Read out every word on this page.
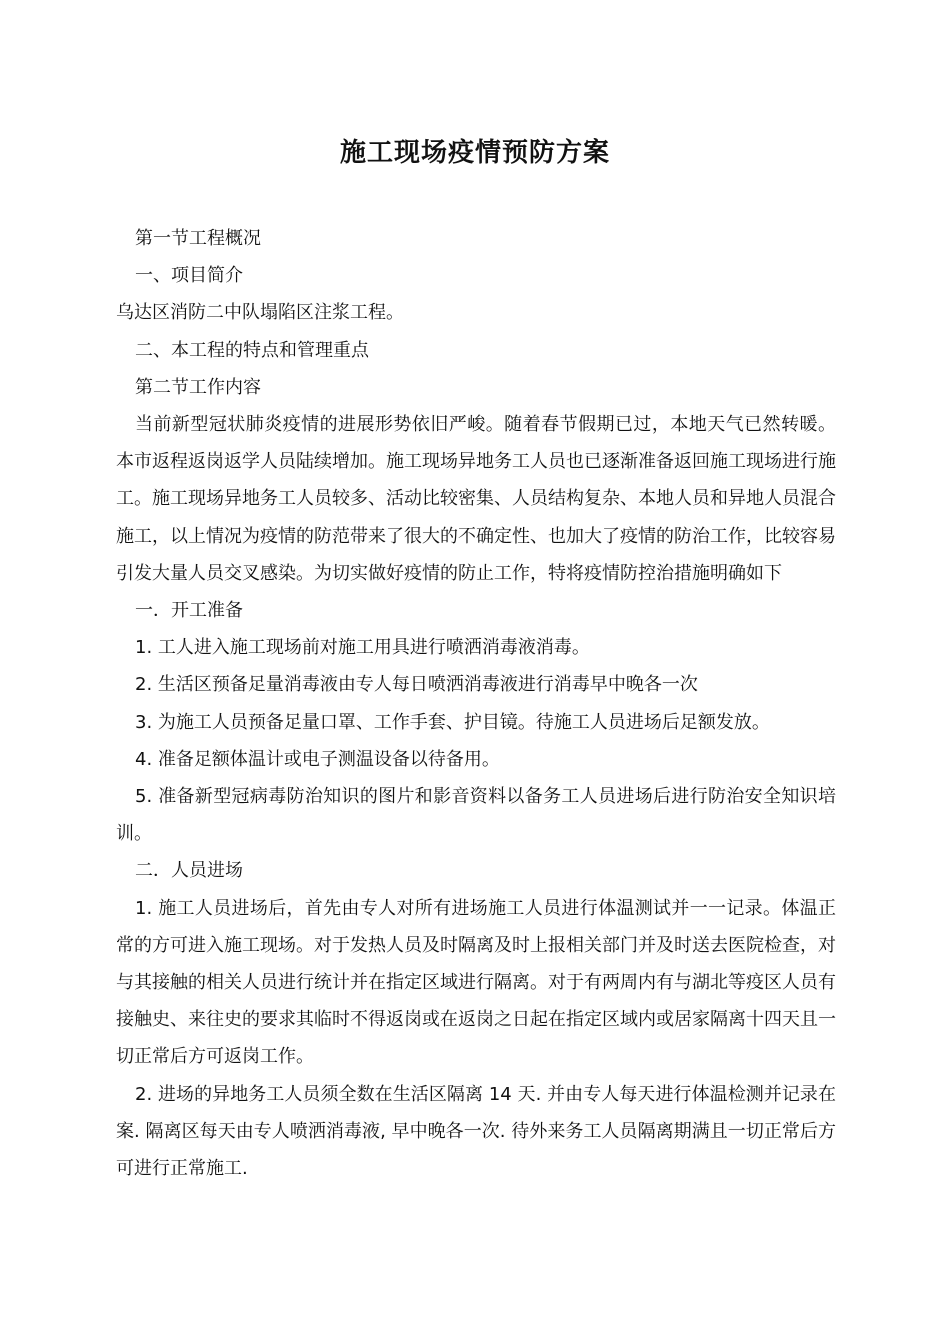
施工现场疫情预防方案

第一节工程概况

一、项目简介

乌达区消防二中队塌陷区注浆工程。

二、本工程的特点和管理重点

第二节工作内容

当前新型冠状肺炎疫情的进展形势依旧严峻。随着春节假期已过，本地天气已然转暖。本市返程返岗返学人员陆续增加。施工现场异地务工人员也已逐渐准备返回施工现场进行施工。施工现场异地务工人员较多、活动比较密集、人员结构复杂、本地人员和异地人员混合施工，以上情况为疫情的防范带来了很大的不确定性、也加大了疫情的防治工作，比较容易引发大量人员交叉感染。为切实做好疫情的防止工作，特将疫情防控治措施明确如下

一．开工准备

1. 工人进入施工现场前对施工用具进行喷洒消毒液消毒。

2. 生活区预备足量消毒液由专人每日喷洒消毒液进行消毒早中晚各一次

3. 为施工人员预备足量口罩、工作手套、护目镜。待施工人员进场后足额发放。

4. 准备足额体温计或电子测温设备以待备用。

5. 准备新型冠病毒防治知识的图片和影音资料以备务工人员进场后进行防治安全知识培训。

二．人员进场

1. 施工人员进场后，首先由专人对所有进场施工人员进行体温测试并一一记录。体温正常的方可进入施工现场。对于发热人员及时隔离及时上报相关部门并及时送去医院检查，对与其接触的相关人员进行统计并在指定区域进行隔离。对于有两周内有与湖北等疫区人员有接触史、来往史的要求其临时不得返岗或在返岗之日起在指定区域内或居家隔离十四天且一切正常后方可返岗工作。

2. 进场的异地务工人员须全数在生活区隔离 14 天. 并由专人每天进行体温检测并记录在案. 隔离区每天由专人喷洒消毒液, 早中晚各一次. 待外来务工人员隔离期满且一切正常后方可进行正常施工.
